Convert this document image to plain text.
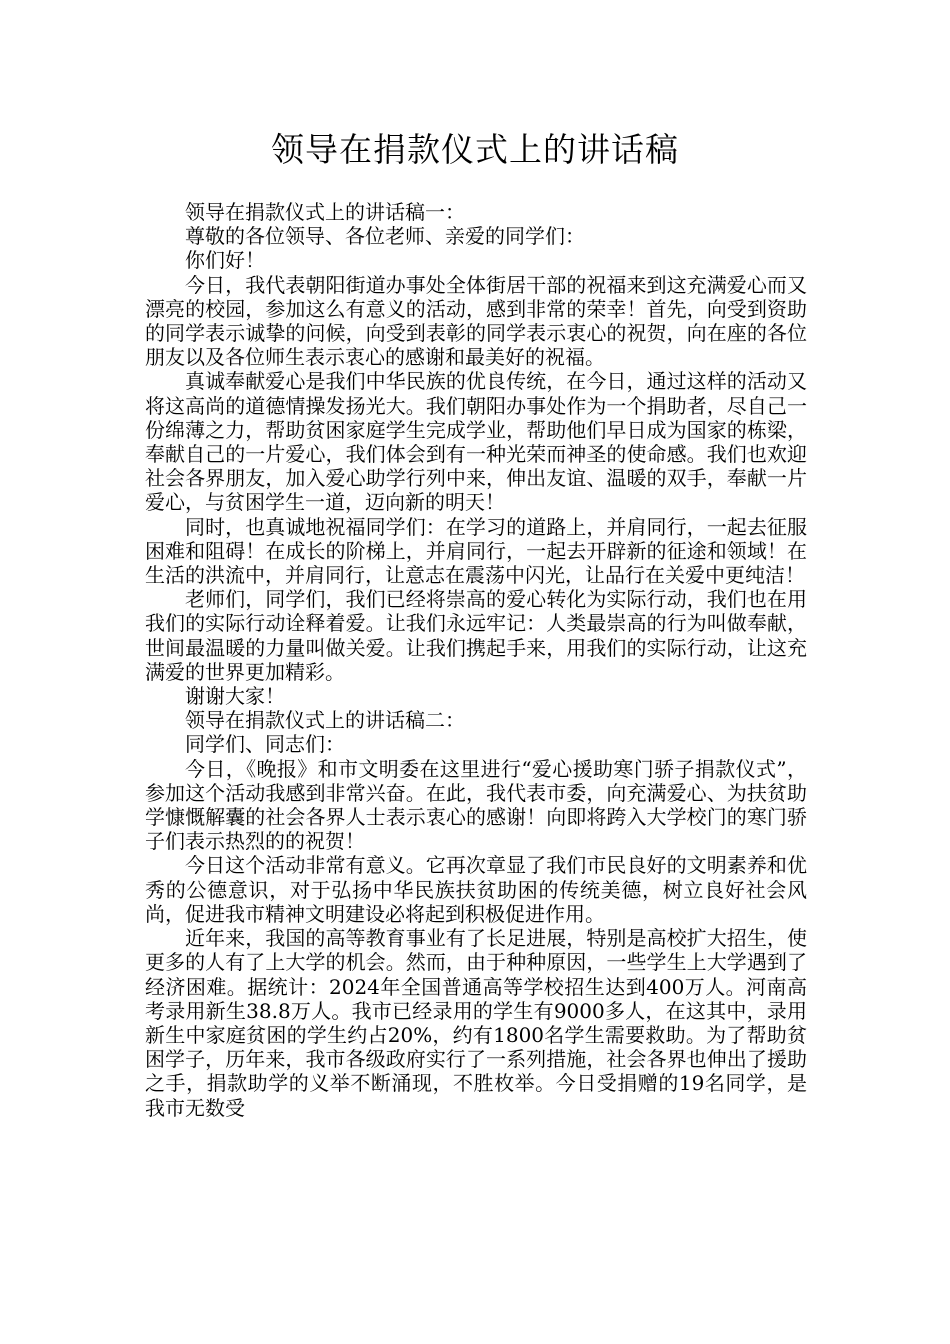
领导在捐款仪式上的讲话稿

领导在捐款仪式上的讲话稿一：

尊敬的各位领导、各位老师、亲爱的同学们：

你们好！

今日，我代表朝阳街道办事处全体街居干部的祝福来到这充满爱心而又漂亮的校园，参加这么有意义的活动，感到非常的荣幸！首先，向受到资助的同学表示诚挚的问候，向受到表彰的同学表示衷心的祝贺，向在座的各位朋友以及各位师生表示衷心的感谢和最美好的祝福。

真诚奉献爱心是我们中华民族的优良传统，在今日，通过这样的活动又将这高尚的道德情操发扬光大。我们朝阳办事处作为一个捐助者，尽自己一份绵薄之力，帮助贫困家庭学生完成学业，帮助他们早日成为国家的栋梁，奉献自己的一片爱心，我们体会到有一种光荣而神圣的使命感。我们也欢迎社会各界朋友，加入爱心助学行列中来，伸出友谊、温暖的双手，奉献一片爱心，与贫困学生一道，迈向新的明天！

同时，也真诚地祝福同学们：在学习的道路上，并肩同行，一起去征服困难和阻碍！在成长的阶梯上，并肩同行，一起去开辟新的征途和领域！在生活的洪流中，并肩同行，让意志在震荡中闪光，让品行在关爱中更纯洁！

老师们，同学们，我们已经将崇高的爱心转化为实际行动，我们也在用我们的实际行动诠释着爱。让我们永远牢记：人类最崇高的行为叫做奉献，世间最温暖的力量叫做关爱。让我们携起手来，用我们的实际行动，让这充满爱的世界更加精彩。

谢谢大家！

领导在捐款仪式上的讲话稿二：

同学们、同志们：

今日，《晚报》和市文明委在这里进行“爱心援助寒门骄子捐款仪式”，参加这个活动我感到非常兴奋。在此，我代表市委，向充满爱心、为扶贫助学慷慨解囊的社会各界人士表示衷心的感谢！向即将跨入大学校门的寒门骄子们表示热烈的的祝贺！

今日这个活动非常有意义。它再次章显了我们市民良好的文明素养和优秀的公德意识，对于弘扬中华民族扶贫助困的传统美德，树立良好社会风尚，促进我市精神文明建设必将起到积极促进作用。

近年来，我国的高等教育事业有了长足进展，特别是高校扩大招生，使更多的人有了上大学的机会。然而，由于种种原因，一些学生上大学遇到了经济困难。据统计：2024年全国普通高等学校招生达到400万人。河南高考录用新生38.8万人。我市已经录用的学生有9000多人，在这其中，录用新生中家庭贫困的学生约占20%，约有1800名学生需要救助。为了帮助贫困学子，历年来，我市各级政府实行了一系列措施，社会各界也伸出了援助之手，捐款助学的义举不断涌现，不胜枚举。今日受捐赠的19名同学，是我市无数受
